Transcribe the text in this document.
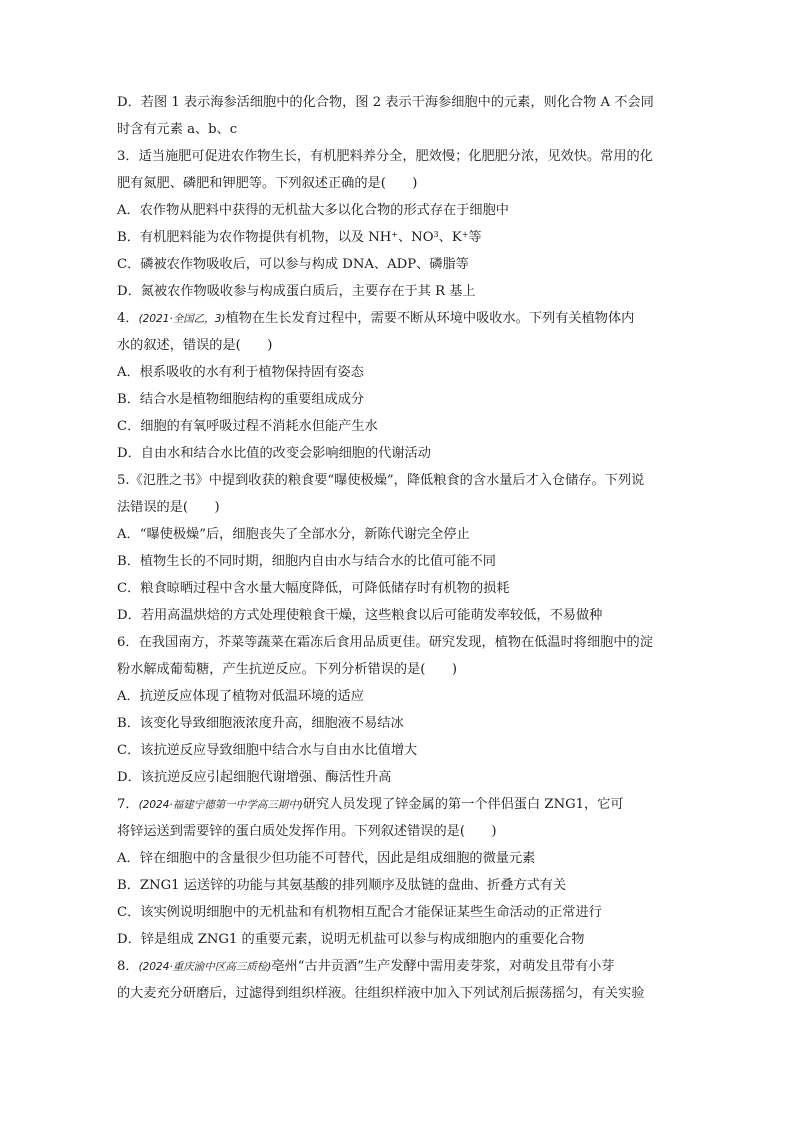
D．若图 1 表示海参活细胞中的化合物，图 2 表示干海参细胞中的元素，则化合物 A 不会同
时含有元素 a、b、c
3．适当施肥可促进农作物生长，有机肥料养分全，肥效慢；化肥肥分浓，见效快。常用的化
肥有氮肥、磷肥和钾肥等。下列叙述正确的是(　　)
A．农作物从肥料中获得的无机盐大多以化合物的形式存在于细胞中
B．有机肥料能为农作物提供有机物，以及 NH+、$NO^3$、K+等
C．磷被农作物吸收后，可以参与构成 DNA、ADP、磷脂等
D．氮被农作物吸收参与构成蛋白质后，主要存在于其 R 基上
4．(2021·全国乙，3)植物在生长发育过程中，需要不断从环境中吸收水。下列有关植物体内
水的叙述，错误的是(　　)
A．根系吸收的水有利于植物保持固有姿态
B．结合水是植物细胞结构的重要组成成分
C．细胞的有氧呼吸过程不消耗水但能产生水
D．自由水和结合水比值的改变会影响细胞的代谢活动
5.《氾胜之书》中提到收获的粮食要“曝使极燥”，降低粮食的含水量后才入仓储存。下列说
法错误的是(　　)
A．“曝使极燥”后，细胞丧失了全部水分，新陈代谢完全停止
B．植物生长的不同时期，细胞内自由水与结合水的比值可能不同
C．粮食晾晒过程中含水量大幅度降低，可降低储存时有机物的损耗
D．若用高温烘焙的方式处理使粮食干燥，这些粮食以后可能萌发率较低，不易做种
6．在我国南方，芥菜等蔬菜在霜冻后食用品质更佳。研究发现，植物在低温时将细胞中的淀
粉水解成葡萄糖，产生抗逆反应。下列分析错误的是(　　)
A．抗逆反应体现了植物对低温环境的适应
B．该变化导致细胞液浓度升高，细胞液不易结冰
C．该抗逆反应导致细胞中结合水与自由水比值增大
D．该抗逆反应引起细胞代谢增强、酶活性升高
7．(2024·福建宁德第一中学高三期中)研究人员发现了锌金属的第一个伴侣蛋白 ZNG1，它可
将锌运送到需要锌的蛋白质处发挥作用。下列叙述错误的是(　　)
A．锌在细胞中的含量很少但功能不可替代，因此是组成细胞的微量元素
B．ZNG1 运送锌的功能与其氨基酸的排列顺序及肽链的盘曲、折叠方式有关
C．该实例说明细胞中的无机盐和有机物相互配合才能保证某些生命活动的正常进行
D．锌是组成 ZNG1 的重要元素，说明无机盐可以参与构成细胞内的重要化合物
8．(2024·重庆渝中区高三质检)亳州“古井贡酒”生产发酵中需用麦芽浆，对萌发且带有小芽
的大麦充分研磨后，过滤得到组织样液。往组织样液中加入下列试剂后振荡摇匀，有关实验
